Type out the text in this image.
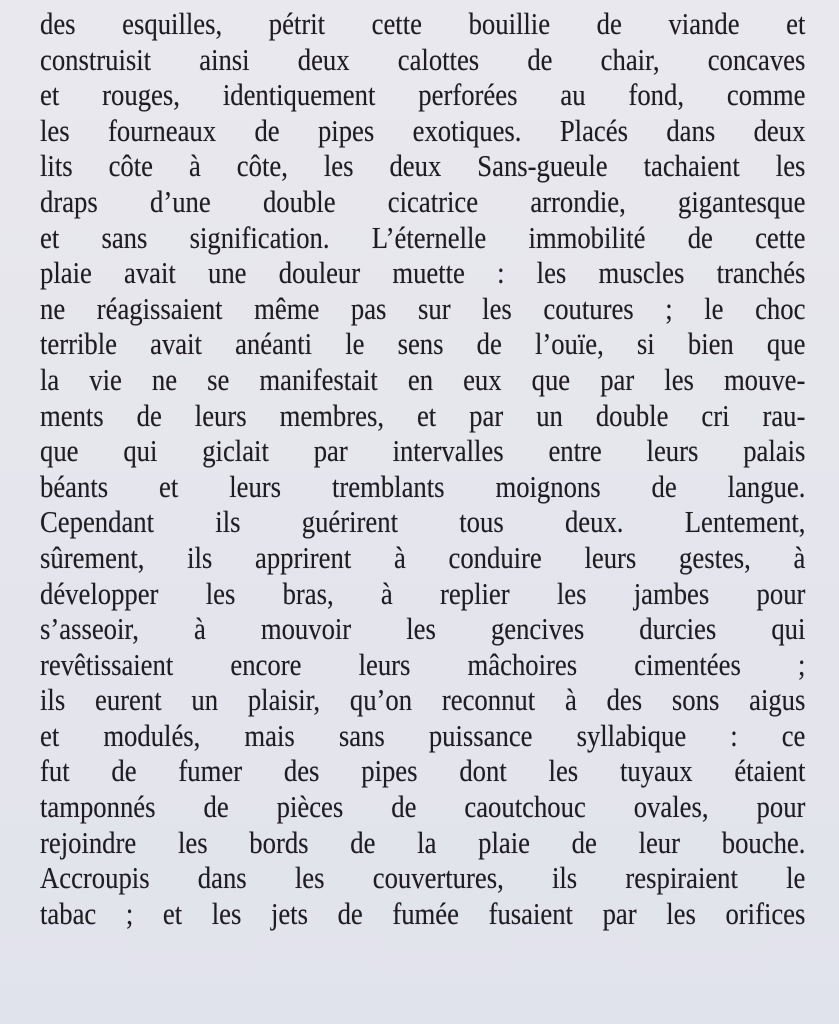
des esquilles, pétrit cette bouillie de viande et
construisit ainsi deux calottes de chair, concaves
et rouges, identiquement perforées au fond, comme
les fourneaux de pipes exotiques. Placés dans deux
lits côte à côte, les deux Sans-gueule tachaient les
draps d’une double cicatrice arrondie, gigantesque
et sans signification. L’éternelle immobilité de cette
plaie avait une douleur muette : les muscles tranchés
ne réagissaient même pas sur les coutures ; le choc
terrible avait anéanti le sens de l’ouïe, si bien que
la vie ne se manifestait en eux que par les mouve-
ments de leurs membres, et par un double cri rau-
que qui giclait par intervalles entre leurs palais
béants et leurs tremblants moignons de langue.
Cependant ils guérirent tous deux. Lentement,
sûrement, ils apprirent à conduire leurs gestes, à
développer les bras, à replier les jambes pour
s’asseoir, à mouvoir les gencives durcies qui
revêtissaient encore leurs mâchoires cimentées ;
ils eurent un plaisir, qu’on reconnut à des sons aigus
et modulés, mais sans puissance syllabique : ce
fut de fumer des pipes dont les tuyaux étaient
tamponnés de pièces de caoutchouc ovales, pour
rejoindre les bords de la plaie de leur bouche.
Accroupis dans les couvertures, ils respiraient le
tabac ; et les jets de fumée fusaient par les orifices
